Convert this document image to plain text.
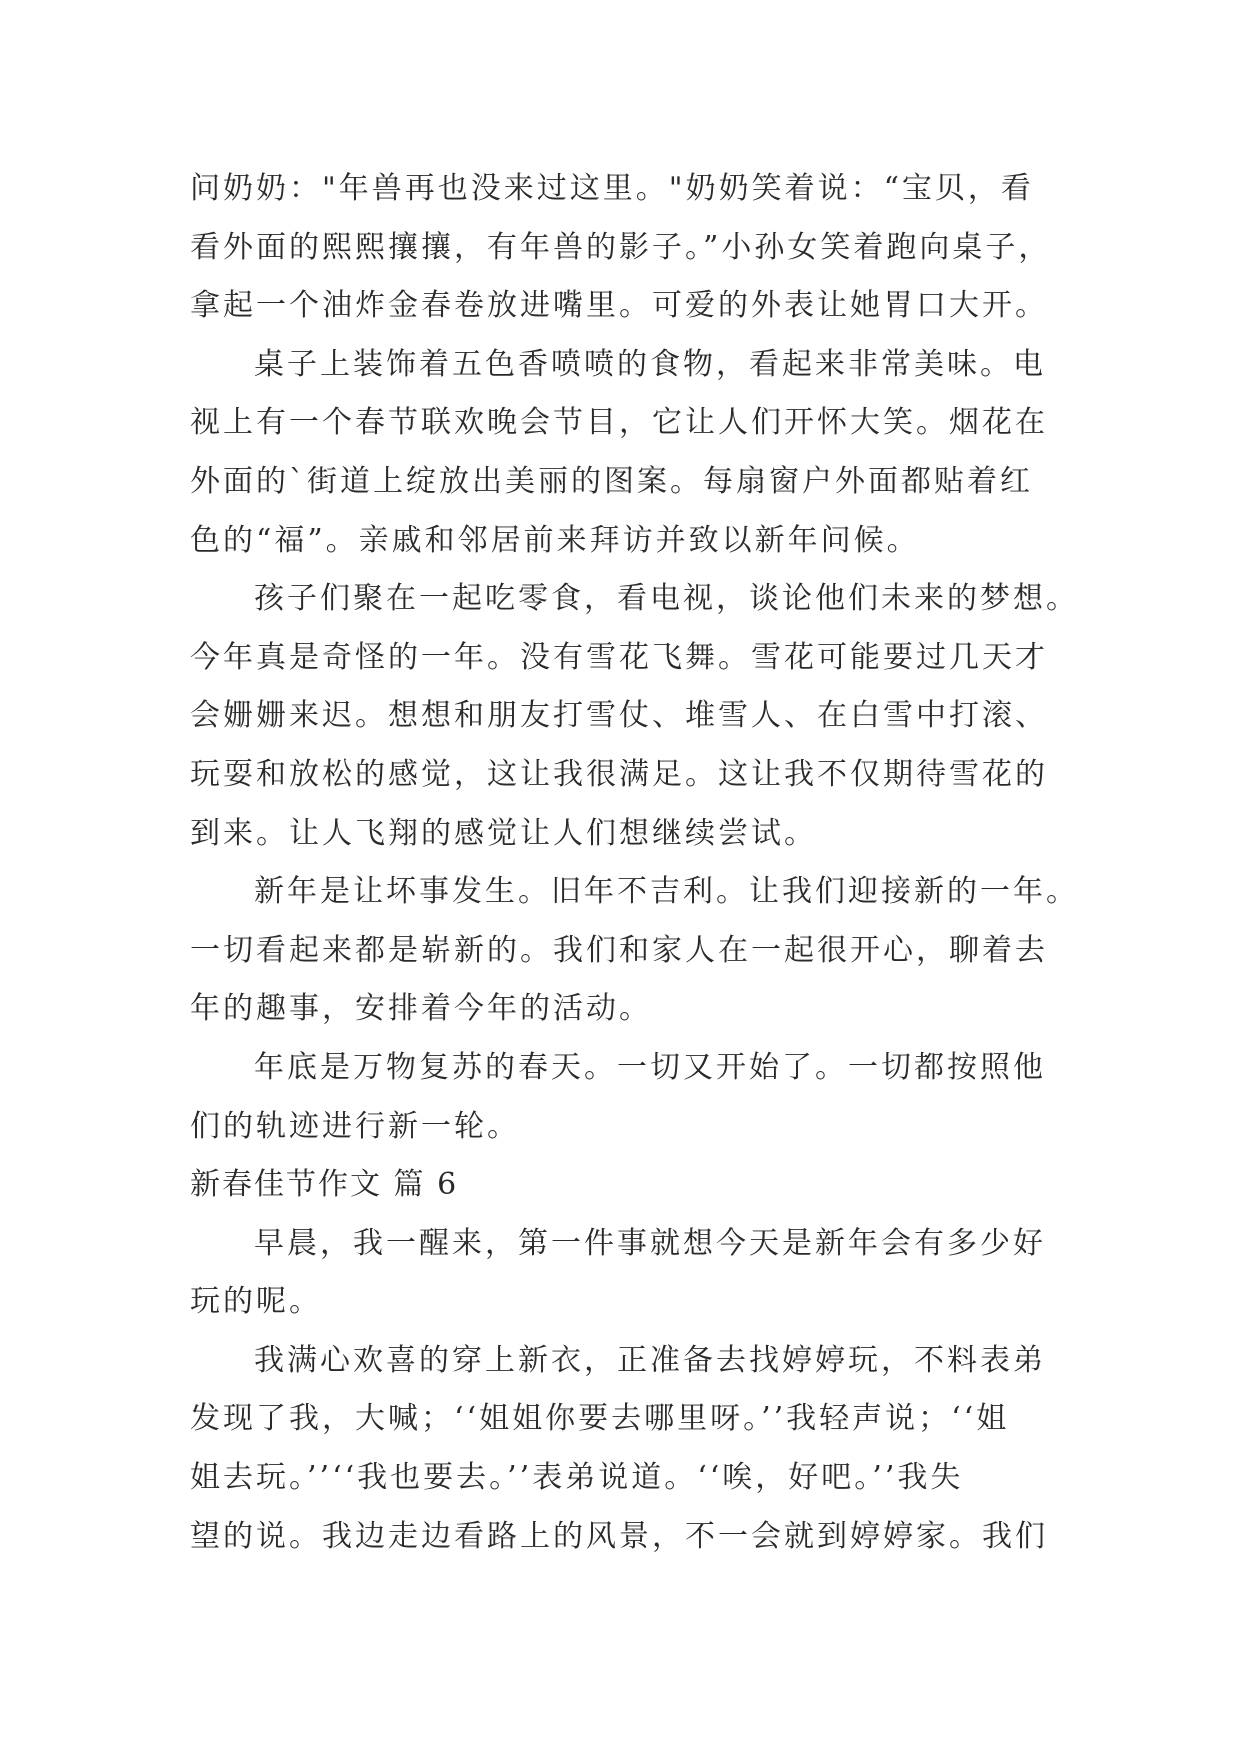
问奶奶："年兽再也没来过这里。"奶奶笑着说：“宝贝，看
看外面的熙熙攘攘，有年兽的影子。”小孙女笑着跑向桌子，
拿起一个油炸金春卷放进嘴里。可爱的外表让她胃口大开。
桌子上装饰着五色香喷喷的食物，看起来非常美味。电
视上有一个春节联欢晚会节目，它让人们开怀大笑。烟花在
外面的`街道上绽放出美丽的图案。每扇窗户外面都贴着红
色的“福”。亲戚和邻居前来拜访并致以新年问候。
孩子们聚在一起吃零食，看电视，谈论他们未来的梦想。
今年真是奇怪的一年。没有雪花飞舞。雪花可能要过几天才
会姗姗来迟。想想和朋友打雪仗、堆雪人、在白雪中打滚、
玩耍和放松的感觉，这让我很满足。这让我不仅期待雪花的
到来。让人飞翔的感觉让人们想继续尝试。
新年是让坏事发生。旧年不吉利。让我们迎接新的一年。
一切看起来都是崭新的。我们和家人在一起很开心，聊着去
年的趣事，安排着今年的活动。
年底是万物复苏的春天。一切又开始了。一切都按照他
们的轨迹进行新一轮。
新春佳节作文 篇 6
早晨，我一醒来，第一件事就想今天是新年会有多少好
玩的呢。
我满心欢喜的穿上新衣，正准备去找婷婷玩，不料表弟
发现了我，大喊；‘‘姐姐你要去哪里呀。’’我轻声说；‘‘姐
姐去玩。’’‘‘我也要去。’’表弟说道。‘‘唉，好吧。’’我失
望的说。我边走边看路上的风景，不一会就到婷婷家。我们
